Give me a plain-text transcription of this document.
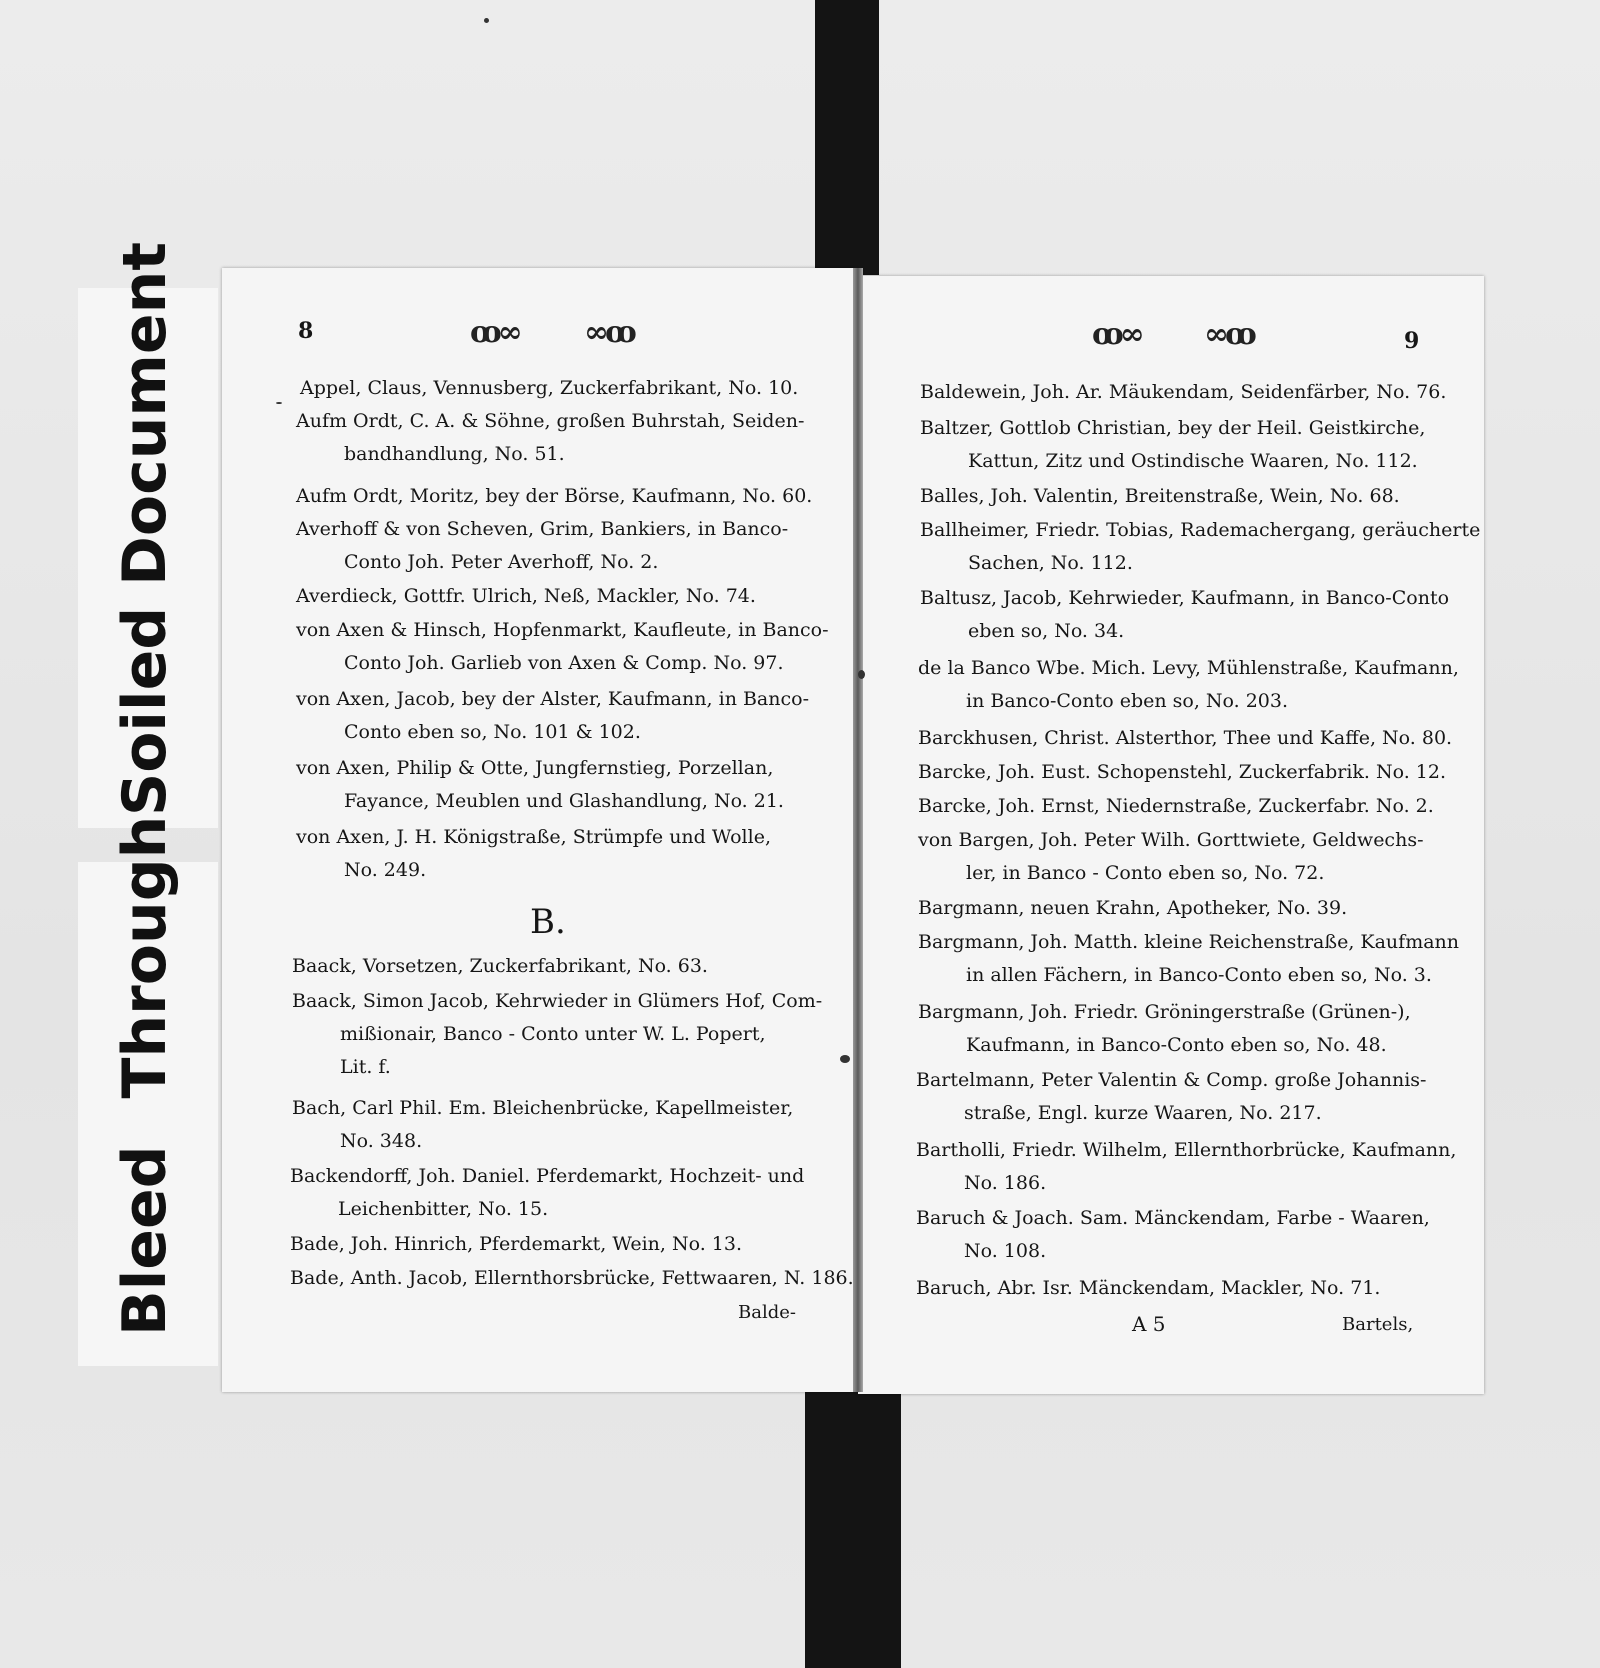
Soiled Document
Bleed Through
8	ꝏ∞ ∞ꝏ
Appel, Claus, Vennusberg, Zuckerfabrikant, No. 10.
Aufm Ordt, C. A. & Söhne, großen Buhrstah, Seiden-
bandhandlung, No. 51.
Aufm Ordt, Moritz, bey der Börse, Kaufmann, No. 60.
Averhoff & von Scheven, Grim, Bankiers, in Banco-
Conto Joh. Peter Averhoff, No. 2.
Averdieck, Gottfr. Ulrich, Neß, Mackler, No. 74.
von Axen & Hinsch, Hopfenmarkt, Kaufleute, in Banco-
Conto Joh. Garlieb von Axen & Comp. No. 97.
von Axen, Jacob, bey der Alster, Kaufmann, in Banco-
Conto eben so, No. 101 & 102.
von Axen, Philip & Otte, Jungfernstieg, Porzellan,
Fayance, Meublen und Glashandlung, No. 21.
von Axen, J. H. Königstraße, Strümpfe und Wolle,
No. 249.
B.
Baack, Vorsetzen, Zuckerfabrikant, No. 63.
Baack, Simon Jacob, Kehrwieder in Glümers Hof, Com-
mißionair, Banco - Conto unter W. L. Popert,
Lit. f.
Bach, Carl Phil. Em. Bleichenbrücke, Kapellmeister,
No. 348.
Backendorff, Joh. Daniel. Pferdemarkt, Hochzeit- und
Leichenbitter, No. 15.
Bade, Joh. Hinrich, Pferdemarkt, Wein, No. 13.
Bade, Anth. Jacob, Ellernthorsbrücke, Fettwaaren, N. 186.
Balde-
ꝏ∞ ∞ꝏ	9
Baldewein, Joh. Ar. Mäukendam, Seidenfärber, No. 76.
Baltzer, Gottlob Christian, bey der Heil. Geistkirche,
Kattun, Zitz und Ostindische Waaren, No. 112.
Balles, Joh. Valentin, Breitenstraße, Wein, No. 68.
Ballheimer, Friedr. Tobias, Rademachergang, geräucherte
Sachen, No. 112.
Baltusz, Jacob, Kehrwieder, Kaufmann, in Banco-Conto
eben so, No. 34.
de la Banco Wbe. Mich. Levy, Mühlenstraße, Kaufmann,
in Banco-Conto eben so, No. 203.
Barckhusen, Christ. Alsterthor, Thee und Kaffe, No. 80.
Barcke, Joh. Eust. Schopenstehl, Zuckerfabrik. No. 12.
Barcke, Joh. Ernst, Niedernstraße, Zuckerfabr. No. 2.
von Bargen, Joh. Peter Wilh. Gorttwiete, Geldwechs-
ler, in Banco - Conto eben so, No. 72.
Bargmann, neuen Krahn, Apotheker, No. 39.
Bargmann, Joh. Matth. kleine Reichenstraße, Kaufmann
in allen Fächern, in Banco-Conto eben so, No. 3.
Bargmann, Joh. Friedr. Gröningerstraße (Grünen-),
Kaufmann, in Banco-Conto eben so, No. 48.
Bartelmann, Peter Valentin & Comp. große Johannis-
straße, Engl. kurze Waaren, No. 217.
Bartholli, Friedr. Wilhelm, Ellernthorbrücke, Kaufmann,
No. 186.
Baruch & Joach. Sam. Mänckendam, Farbe - Waaren,
No. 108.
Baruch, Abr. Isr. Mänckendam, Mackler, No. 71.
A 5	Bartels,
